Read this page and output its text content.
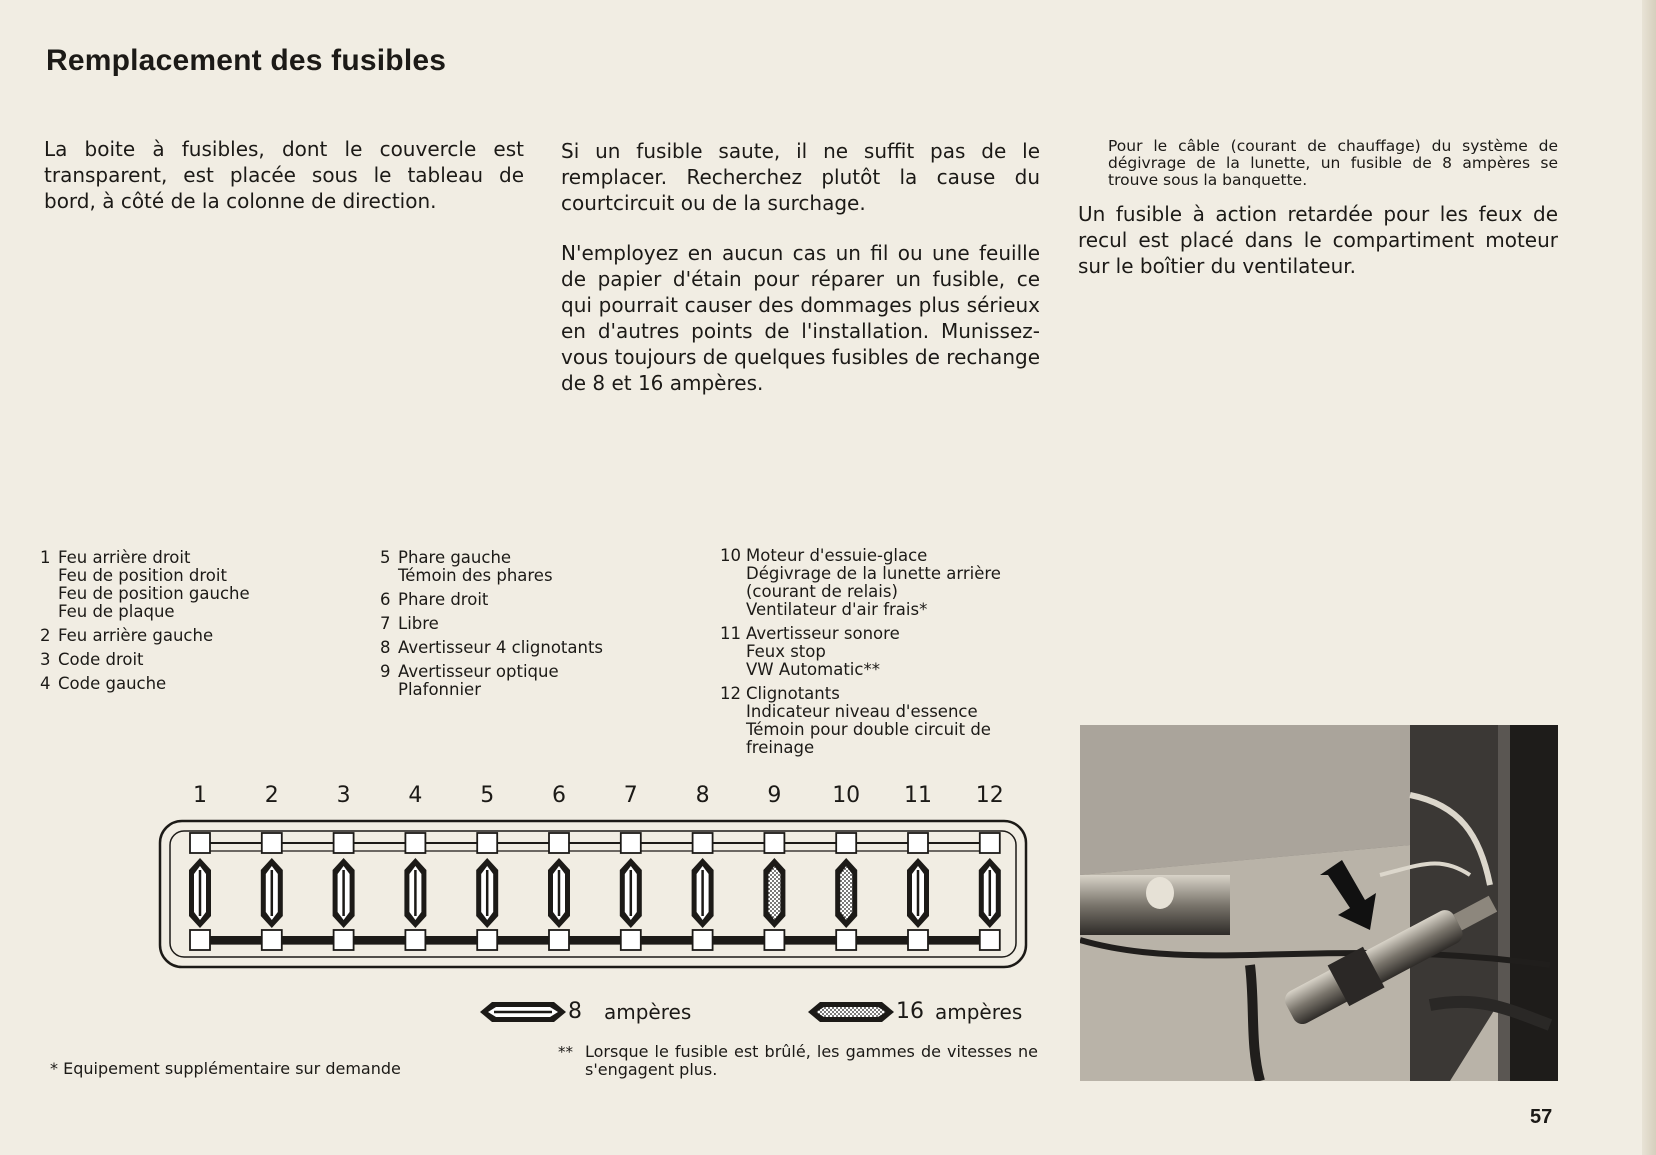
Remplacement des fusibles

La boite à fusibles, dont le couvercle est transparent, est placée sous le tableau de bord, à côté de la colonne de direction.

Si un fusible saute, il ne suffit pas de le remplacer. Recherchez plutôt la cause du courtcircuit ou de la surchage.

N'employez en aucun cas un fil ou une feuille de papier d'étain pour réparer un fusible, ce qui pourrait causer des dommages plus sérieux en d'autres points de l'installation. Munissez-vous toujours de quelques fusibles de rechange de 8 et 16 ampères.

Pour le câble (courant de chauffage) du système de dégivrage de la lunette, un fusible de 8 ampères se trouve sous la banquette.

Un fusible à action retardée pour les feux de recul est placé dans le compartiment moteur sur le boîtier du ventilateur.

1 Feu arrière droit
Feu de position droit
Feu de position gauche
Feu de plaque
2 Feu arrière gauche
3 Code droit
4 Code gauche
5 Phare gauche
Témoin des phares
6 Phare droit
7 Libre
8 Avertisseur 4 clignotants
9 Avertisseur optique
Plafonnier
10 Moteur d'essuie-glace
Dégivrage de la lunette arrière
(courant de relais)
Ventilateur d'air frais*
11 Avertisseur sonore
Feux stop
VW Automatic**
12 Clignotants
Indicateur niveau d'essence
Témoin pour double circuit de
freinage
1	2	3	4	5	6	7	8	9 10 11 12
8 ampères	16 ampères
* Equipement supplémentaire sur demande
** Lorsque le fusible est brûlé, les gammes de vitesses ne s'engagent plus.
57
